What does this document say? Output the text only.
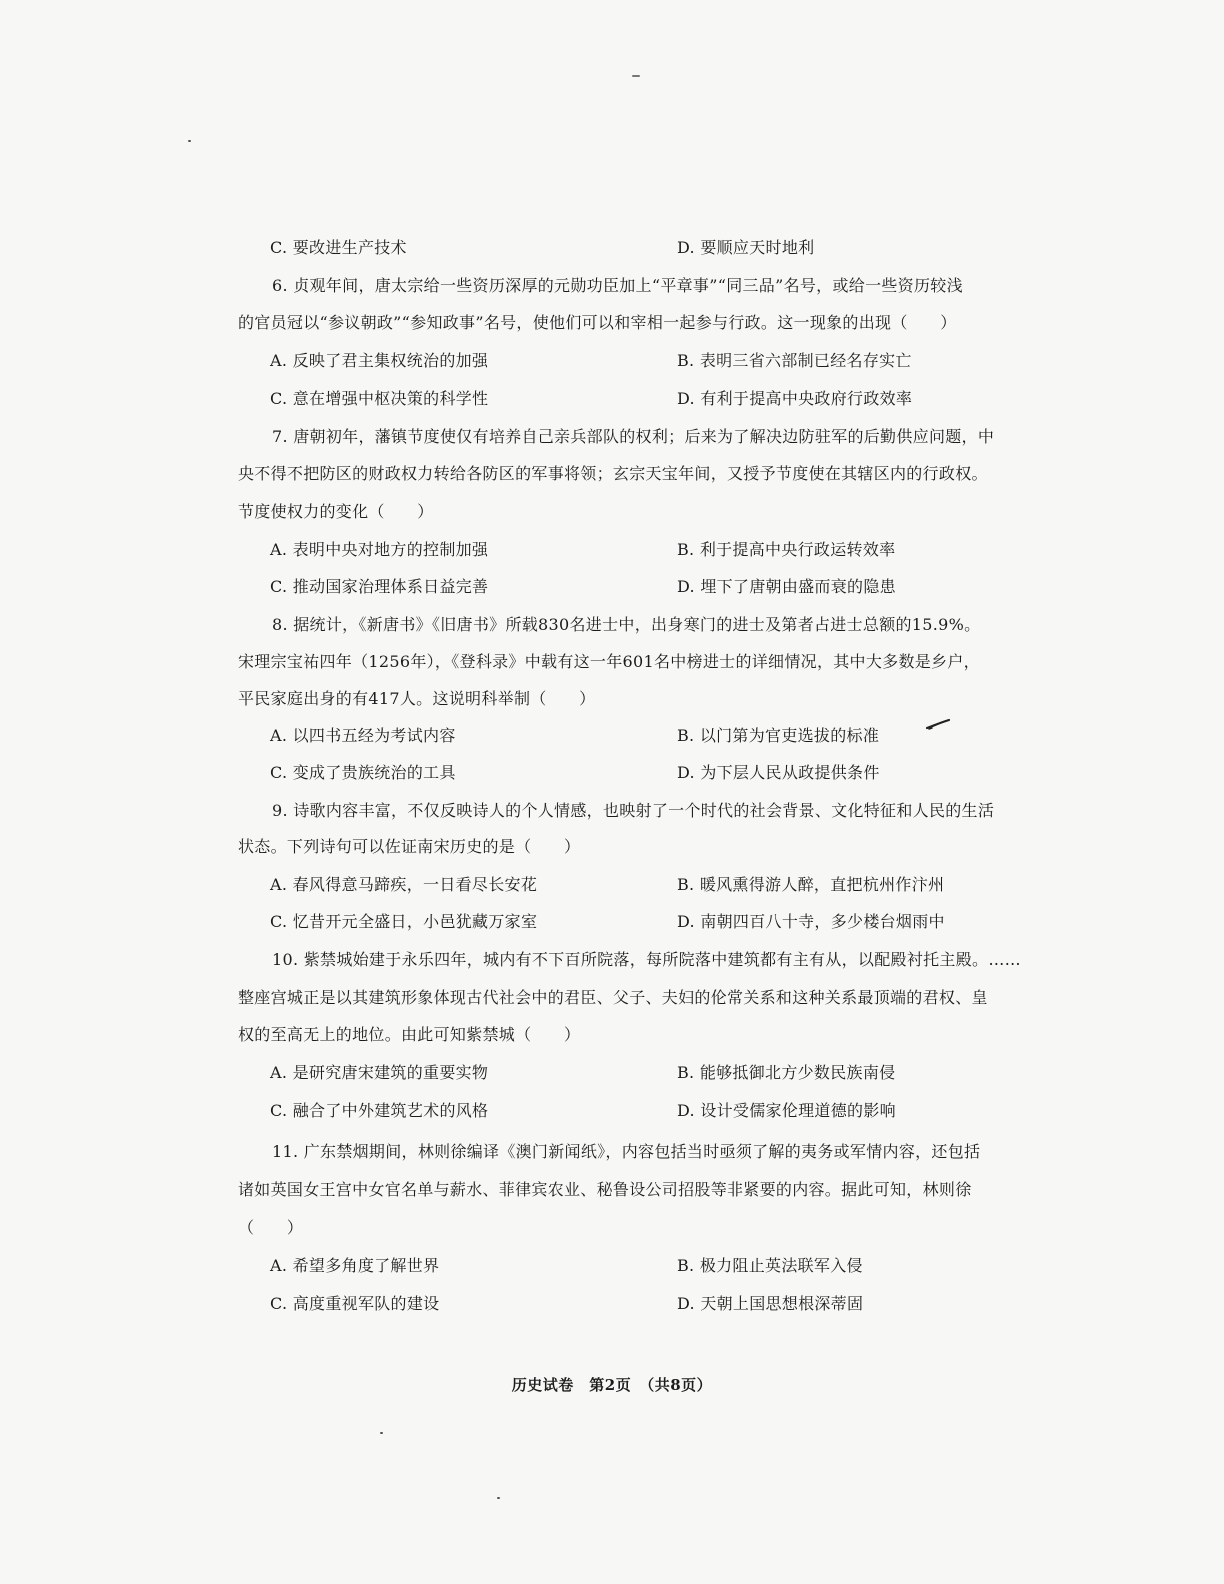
C. 要改进生产技术	D. 要顺应天时地利
6. 贞观年间，唐太宗给一些资历深厚的元勋功臣加上“平章事”“同三品”名号，或给一些资历较浅
的官员冠以“参议朝政”“参知政事”名号，使他们可以和宰相一起参与行政。这一现象的出现（　　）
A. 反映了君主集权统治的加强	B. 表明三省六部制已经名存实亡
C. 意在增强中枢决策的科学性	D. 有利于提高中央政府行政效率
7. 唐朝初年，藩镇节度使仅有培养自己亲兵部队的权利；后来为了解决边防驻军的后勤供应问题，中
央不得不把防区的财政权力转给各防区的军事将领；玄宗天宝年间，又授予节度使在其辖区内的行政权。
节度使权力的变化（　　）
A. 表明中央对地方的控制加强	B. 利于提高中央行政运转效率
C. 推动国家治理体系日益完善	D. 埋下了唐朝由盛而衰的隐患
8. 据统计，《新唐书》《旧唐书》所载830名进士中，出身寒门的进士及第者占进士总额的15.9%。
宋理宗宝祐四年（1256年），《登科录》中载有这一年601名中榜进士的详细情况，其中大多数是乡户，
平民家庭出身的有417人。这说明科举制（　　）
A. 以四书五经为考试内容	B. 以门第为官吏选拔的标准
C. 变成了贵族统治的工具	D. 为下层人民从政提供条件
9. 诗歌内容丰富，不仅反映诗人的个人情感，也映射了一个时代的社会背景、文化特征和人民的生活
状态。下列诗句可以佐证南宋历史的是（　　）
A. 春风得意马蹄疾，一日看尽长安花	B. 暖风熏得游人醉，直把杭州作汴州
C. 忆昔开元全盛日，小邑犹藏万家室	D. 南朝四百八十寺，多少楼台烟雨中
10. 紫禁城始建于永乐四年，城内有不下百所院落，每所院落中建筑都有主有从，以配殿衬托主殿。……
整座宫城正是以其建筑形象体现古代社会中的君臣、父子、夫妇的伦常关系和这种关系最顶端的君权、皇
权的至高无上的地位。由此可知紫禁城（　　）
A. 是研究唐宋建筑的重要实物	B. 能够抵御北方少数民族南侵
C. 融合了中外建筑艺术的风格	D. 设计受儒家伦理道德的影响
11. 广东禁烟期间，林则徐编译《澳门新闻纸》，内容包括当时亟须了解的夷务或军情内容，还包括
诸如英国女王宫中女官名单与薪水、菲律宾农业、秘鲁设公司招股等非紧要的内容。据此可知，林则徐
（　　）
A. 希望多角度了解世界	B. 极力阻止英法联军入侵
C. 高度重视军队的建设	D. 天朝上国思想根深蒂固
历史试卷　第2页　（共8页）
